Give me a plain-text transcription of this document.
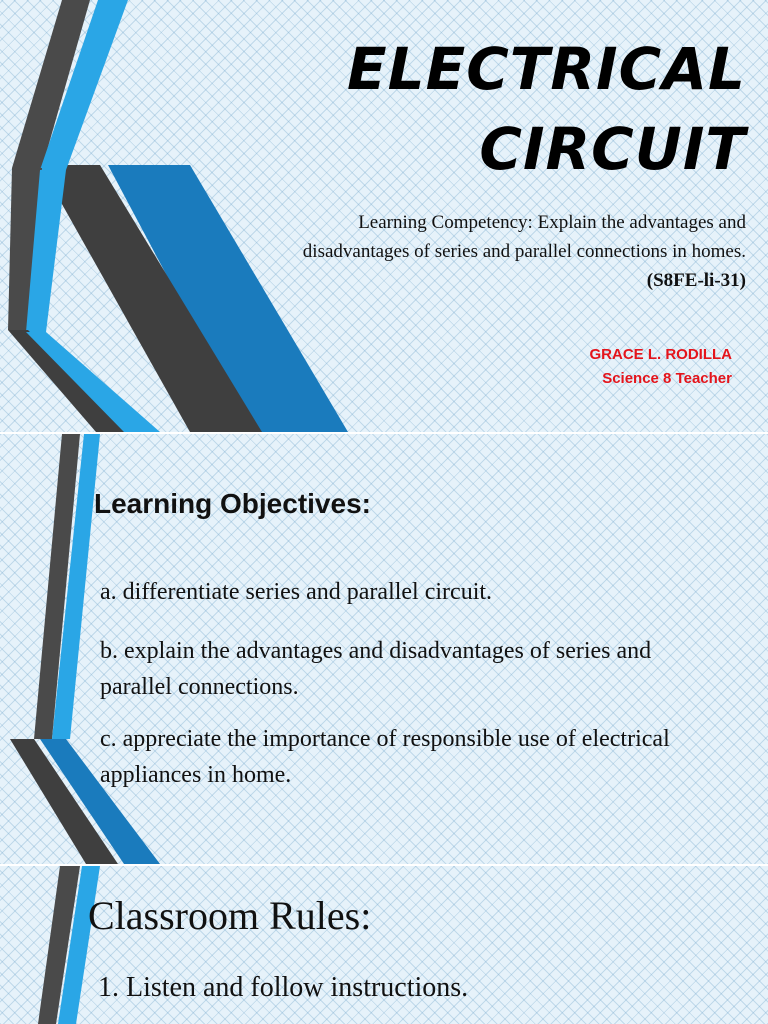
ELECTRICAL
CIRCUIT
Learning Competency: Explain the advantages and disadvantages of series and parallel connections in homes. (S8FE-li-31)
GRACE L. RODILLA
Science 8 Teacher
Learning Objectives:
a. differentiate series and parallel circuit.
b. explain the advantages and disadvantages of series and
parallel connections.
c. appreciate the importance of responsible use of electrical
appliances in home.
Classroom Rules:
1. Listen and follow instructions.
